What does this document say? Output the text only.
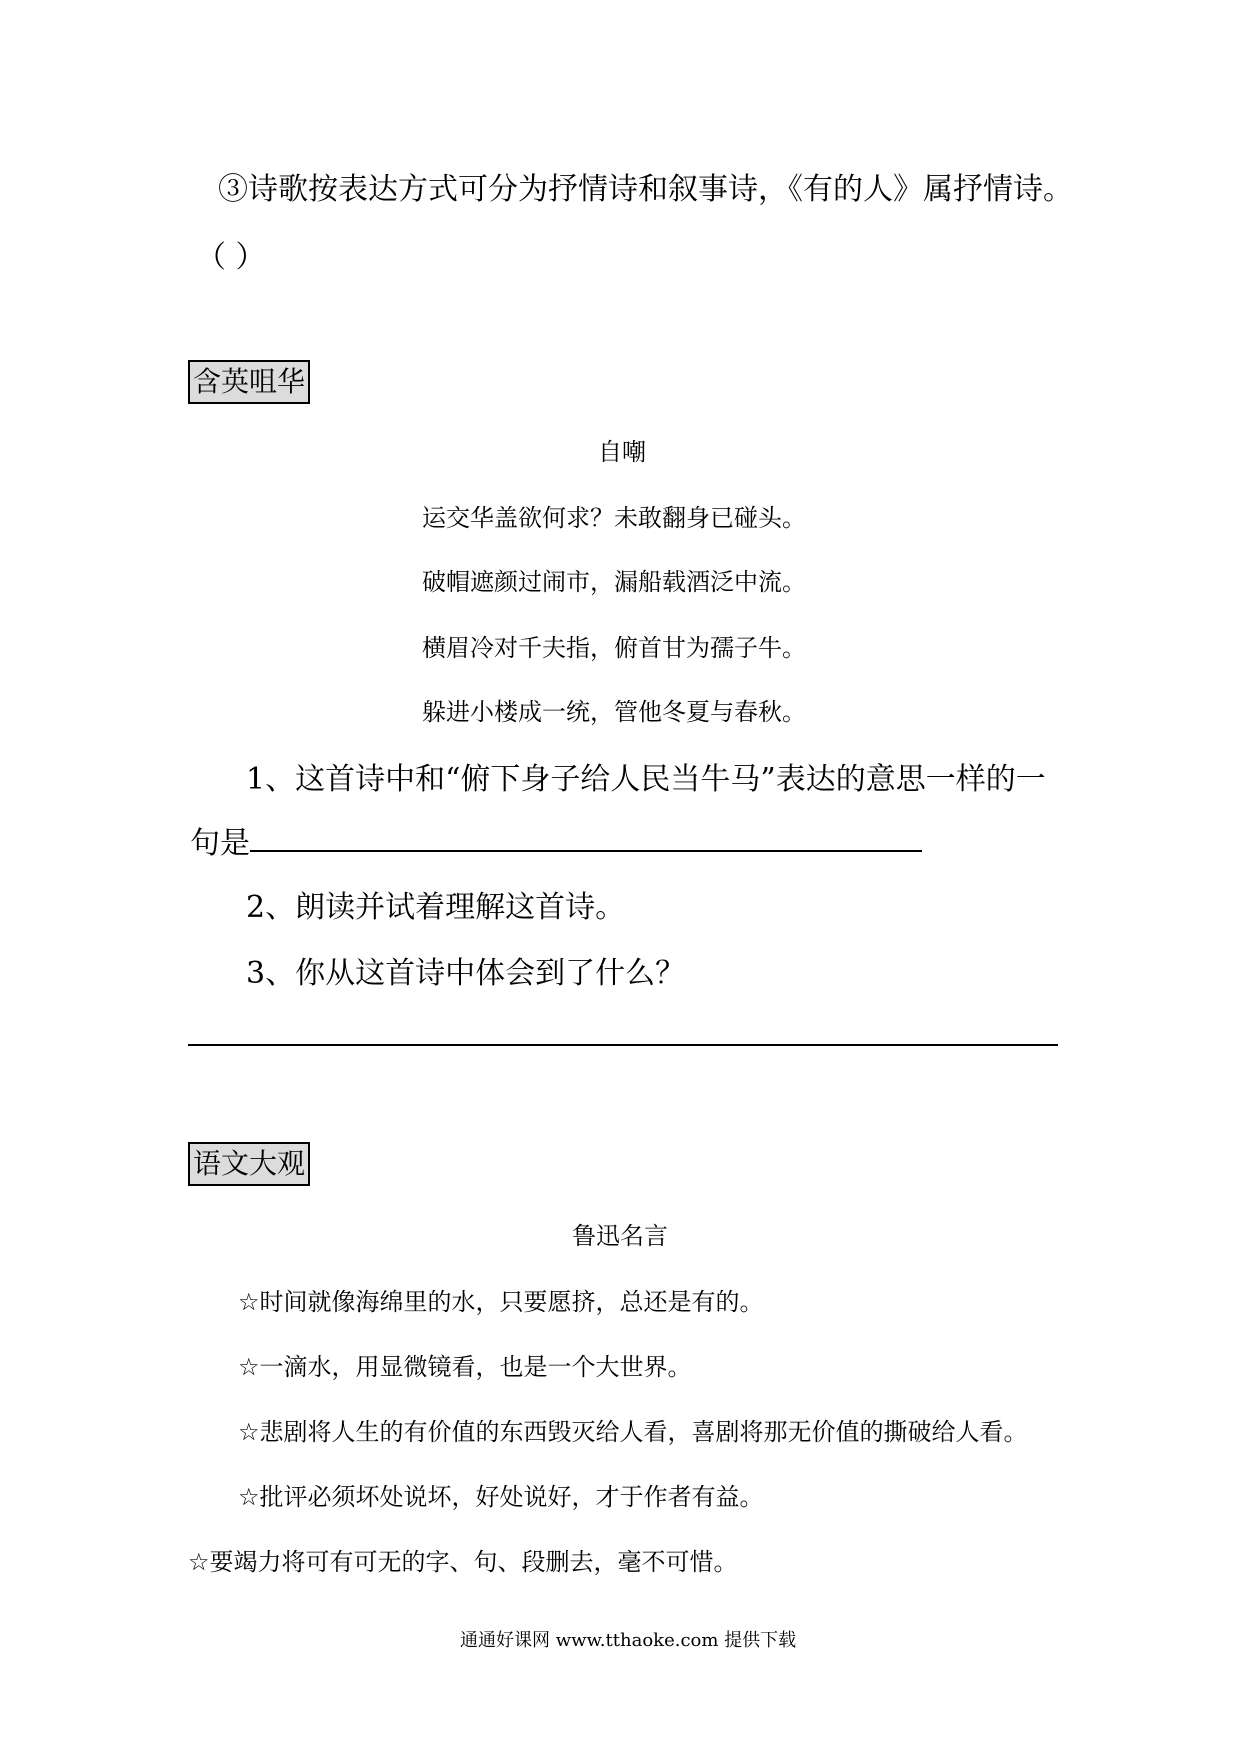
③诗歌按表达方式可分为抒情诗和叙事诗，《有的人》属抒情诗。
（ ）
含英咀华
自嘲
运交华盖欲何求？未敢翻身已碰头。
破帽遮颜过闹市，漏船载酒泛中流。
横眉冷对千夫指，俯首甘为孺子牛。
躲进小楼成一统，管他冬夏与春秋。
1、这首诗中和“俯下身子给人民当牛马”表达的意思一样的一
句是
2、朗读并试着理解这首诗。
3、你从这首诗中体会到了什么？
语文大观
鲁迅名言
☆时间就像海绵里的水，只要愿挤，总还是有的。
☆一滴水，用显微镜看，也是一个大世界。
☆悲剧将人生的有价值的东西毁灭给人看，喜剧将那无价值的撕破给人看。
☆批评必须坏处说坏，好处说好，才于作者有益。
☆要竭力将可有可无的字、句、段删去，毫不可惜。
通通好课网 www.tthaoke.com 提供下载
